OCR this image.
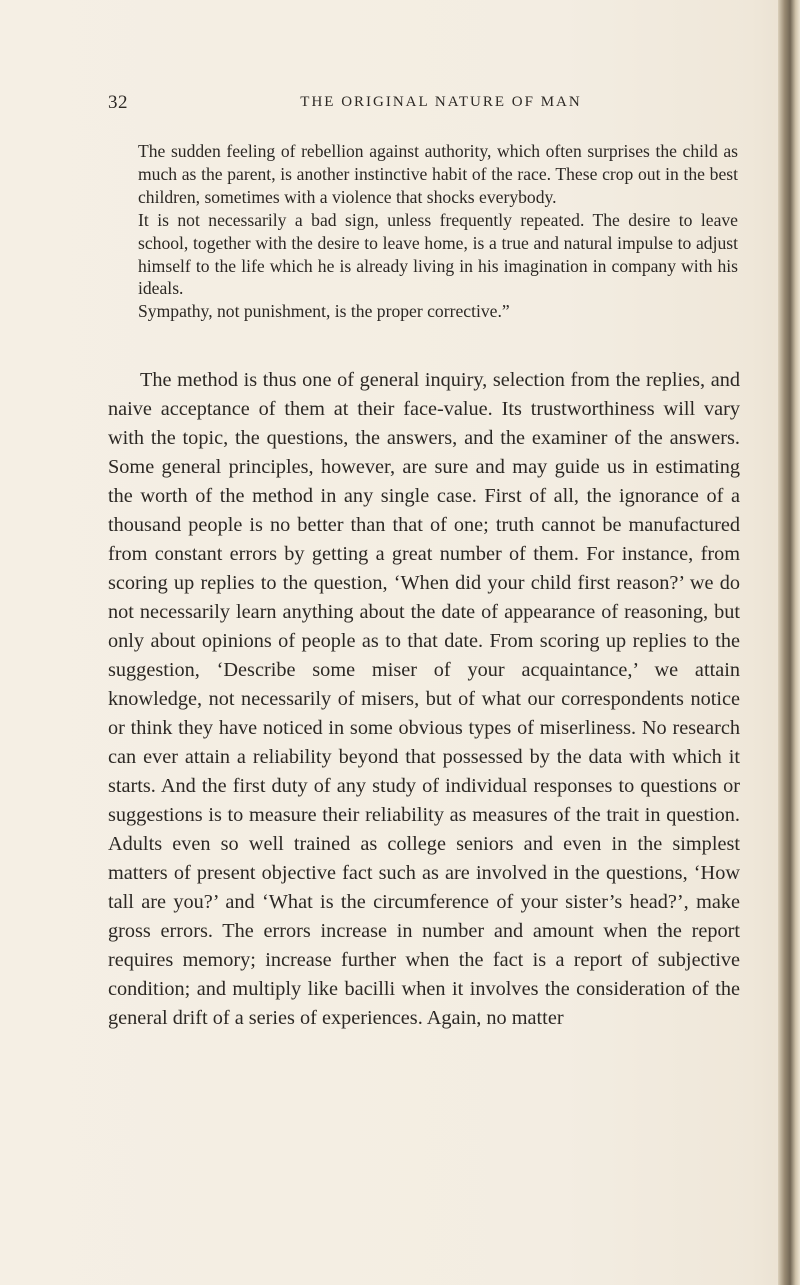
32	THE ORIGINAL NATURE OF MAN

The sudden feeling of rebellion against authority, which often surprises the child as much as the parent, is another instinctive habit of the race. These crop out in the best children, sometimes with a violence that shocks everybody.

It is not necessarily a bad sign, unless frequently repeated. The desire to leave school, together with the desire to leave home, is a true and natural impulse to adjust himself to the life which he is already living in his imagination in company with his ideals.

Sympathy, not punishment, is the proper corrective.”

The method is thus one of general inquiry, selection from the replies, and naive acceptance of them at their face-value. Its trustworthiness will vary with the topic, the questions, the answers, and the examiner of the answers. Some general principles, however, are sure and may guide us in estimating the worth of the method in any single case. First of all, the ignorance of a thousand people is no better than that of one; truth cannot be manufactured from constant errors by getting a great number of them. For instance, from scoring up replies to the question, ‘When did your child first reason?’ we do not necessarily learn anything about the date of appearance of reasoning, but only about opinions of people as to that date. From scoring up replies to the suggestion, ‘Describe some miser of your acquaintance,’ we attain knowledge, not necessarily of misers, but of what our correspondents notice or think they have noticed in some obvious types of miserliness. No research can ever attain a reliability beyond that possessed by the data with which it starts. And the first duty of any study of individual responses to questions or suggestions is to measure their reliability as measures of the trait in question. Adults even so well trained as college seniors and even in the simplest matters of present objective fact such as are involved in the questions, ‘How tall are you?’ and ‘What is the circumference of your sister’s head?’, make gross errors. The errors increase in number and amount when the report requires memory; increase further when the fact is a report of subjective condition; and multiply like bacilli when it involves the consideration of the general drift of a series of experiences. Again, no matter
